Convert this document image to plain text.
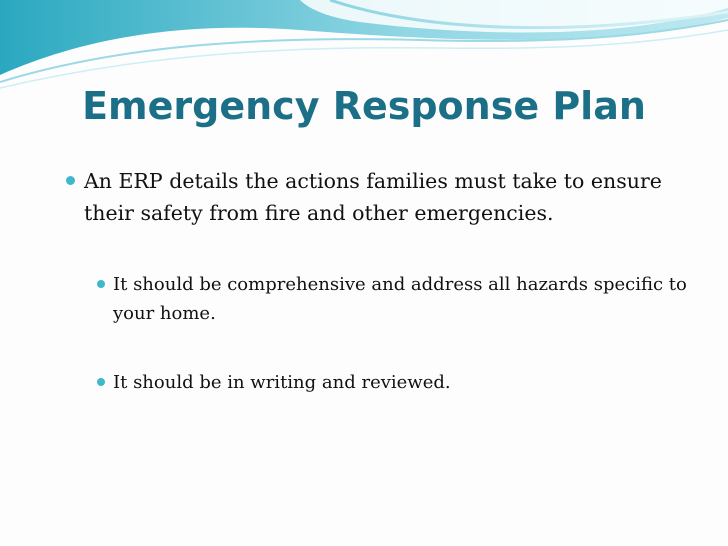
Emergency Response Plan
An ERP details the actions families must take to ensure their safety from fire and other emergencies.
It should be comprehensive and address all hazards specific to your home.
It should be in writing and reviewed.
